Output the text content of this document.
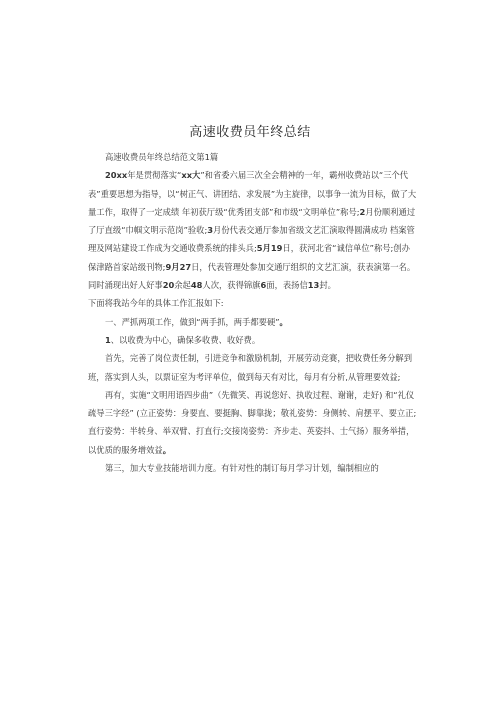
高速收费员年终总结

高速收费员年终总结范文第1篇

20xx年是贯彻落实“xx大”和省委六届三次全会精神的一年，霸州收费站以“三个代表”重要思想为指导，以“树正气、讲团结、求发展”为主旋律，以事争一流为目标，做了大量工作，取得了一定成绩 年初获厅级“优秀团支部”和市级“文明单位”称号;2月份顺利通过了厅直级“巾帼文明示范岗”验收;3月份代表交通厅参加省级文艺汇演取得圆满成功 档案管理及网站建设工作成为交通收费系统的排头兵;5月19日，获河北省“诚信单位”称号;创办保津路首家站级刊物;9月27日，代表管理处参加交通厅组织的文艺汇演，获表演第一名。同时涌现出好人好事20余起48人次，获得锦旗6面，表扬信13封。

下面将我站今年的具体工作汇报如下:

一、严抓两项工作，做到“两手抓，两手都要硬”。

1、以收费为中心，确保多收费、收好费。

首先，完善了岗位责任制，引进竞争和激励机制，开展劳动竞赛，把收费任务分解到班，落实到人头，以票证室为考评单位，做到每天有对比，每月有分析,从管理要效益;

再有，实施“文明用语四步曲”（先微笑、再说您好、执收过程、谢谢，走好) 和“礼仪疏导三字经” (立正姿势：身要直、要挺胸、脚靠拢；敬礼姿势：身侧转、肩摆平、要立正;直行姿势：半转身、举双臂、打直行;交接岗姿势：齐步走、英姿抖、士气扬）服务举措，以优质的服务增效益。

第三，加大专业技能培训力度。有针对性的制订每月学习计划，编制相应的
